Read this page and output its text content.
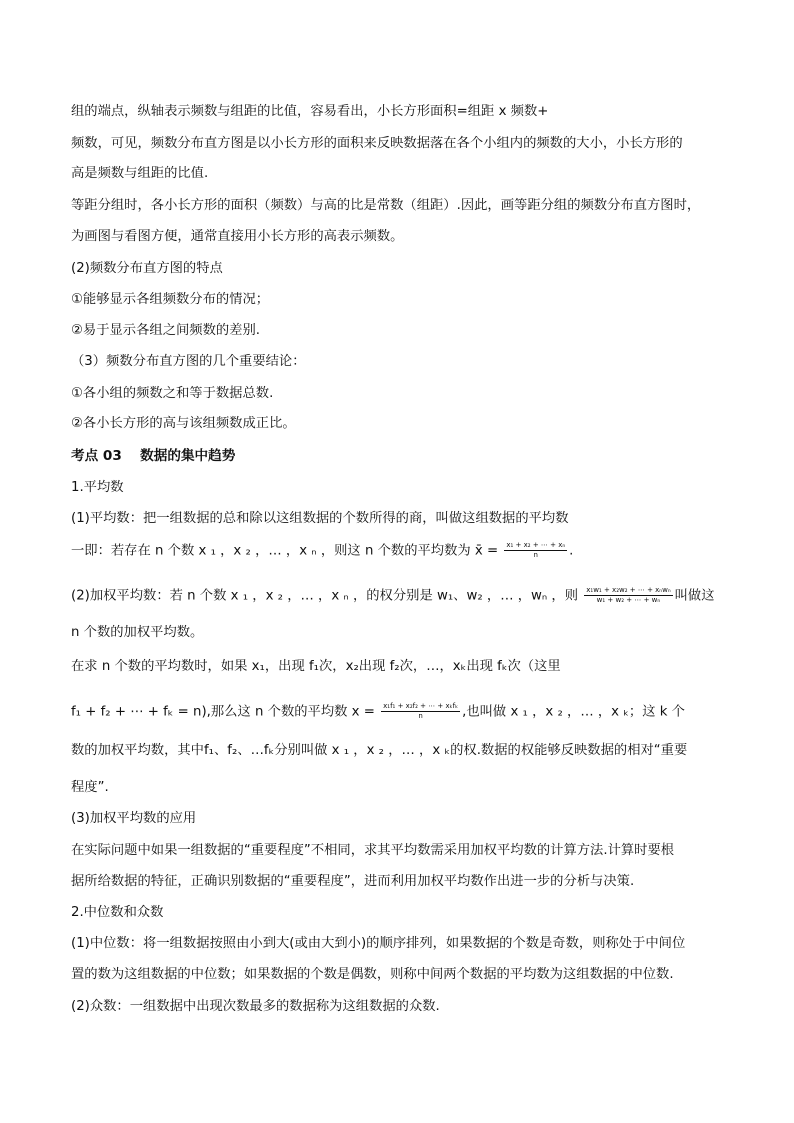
组的端点，纵轴表示频数与组距的比值，容易看出，小长方形面积=组距 x 频数+
频数，可见，频数分布直方图是以小长方形的面积来反映数据落在各个小组内的频数的大小，小长方形的
高是频数与组距的比值.
等距分组时，各小长方形的面积（频数）与高的比是常数（组距）.因此，画等距分组的频数分布直方图时，
为画图与看图方便，通常直接用小长方形的高表示频数。
(2)频数分布直方图的特点
①能够显示各组频数分布的情况；
②易于显示各组之间频数的差别.
（3）频数分布直方图的几个重要结论：
①各小组的频数之和等于数据总数.
②各小长方形的高与该组频数成正比。
考点 03　 数据的集中趋势
1.平均数
(1)平均数：把一组数据的总和除以这组数据的个数所得的商，叫做这组数据的平均数
一即：若存在 n 个数 x ₁ ，x ₂ ，… ，x ₙ ，则这 n 个数的平均数为 x̄ = $\frac{\text{x₁ + x₂ + ⋯ + xₙ}}{n}$ .
(2)加权平均数：若 n 个数 x ₁ ，x ₂ ，… ，x ₙ ，的权分别是 w₁、w₂ ，… ，wₙ ，则 $\frac{\text{x₁w₁ + x₂w₂ + ⋯ + xₙwₙ}}{\text{w₁ + w₂ + ⋯ + wₙ}}$ 叫做这
n 个数的加权平均数。
在求 n 个数的平均数时，如果 x₁，出现 f₁次，x₂出现 f₂次，…，xₖ出现 fₖ次（这里
f₁ + f₂ + ⋯ + fₖ = n),那么这 n 个数的平均数 $x = \frac{\text{x₁f₁ + x₂f₂ + ⋯ + xₖfₖ}}{n}$ ,也叫做 x ₁ ，x ₂ ，… ，x ₖ；这 k 个
数的加权平均数，其中f₁、f₂、…fₖ分别叫做 x ₁ ，x ₂ ，… ，x ₖ的权.数据的权能够反映数据的相对“重要
程度”.
(3)加权平均数的应用
在实际问题中如果一组数据的“重要程度”不相同，求其平均数需采用加权平均数的计算方法.计算时要根
据所给数据的特征，正确识别数据的“重要程度”，进而利用加权平均数作出进一步的分析与决策.
2.中位数和众数
(1)中位数：将一组数据按照由小到大(或由大到小)的顺序排列，如果数据的个数是奇数，则称处于中间位
置的数为这组数据的中位数；如果数据的个数是偶数，则称中间两个数据的平均数为这组数据的中位数.
(2)众数：一组数据中出现次数最多的数据称为这组数据的众数.
